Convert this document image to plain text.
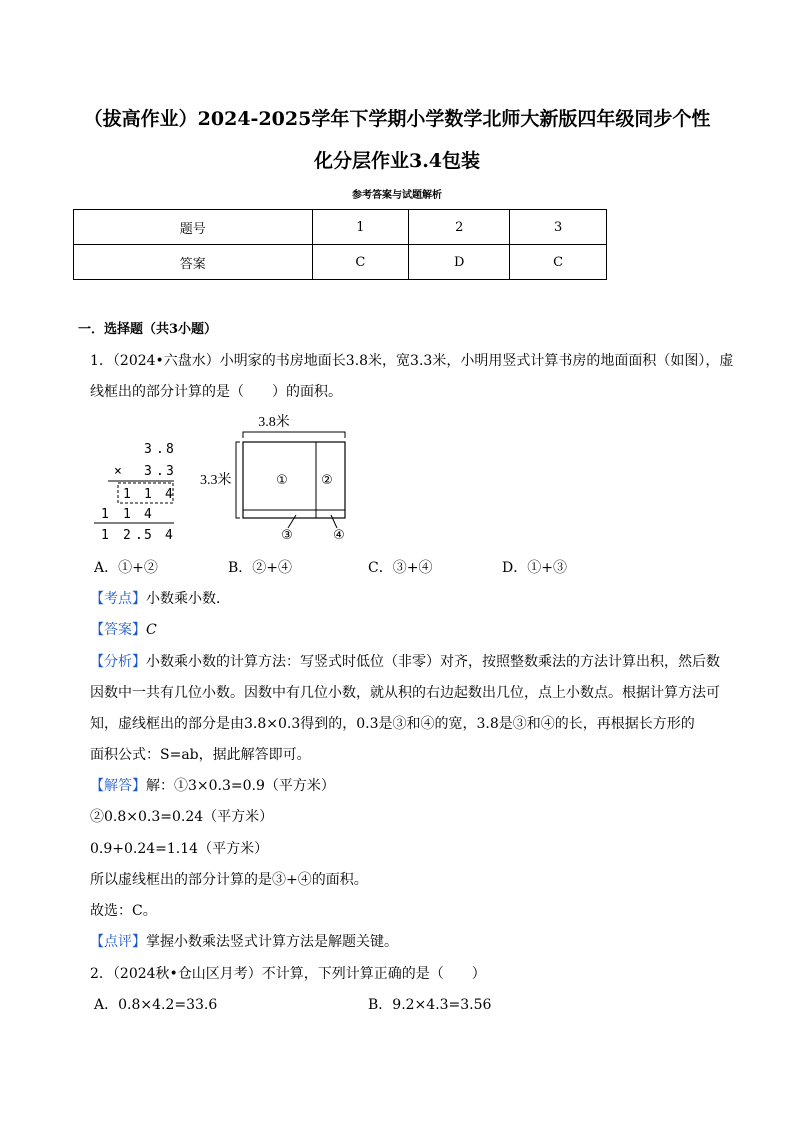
（拔高作业）2024-2025学年下学期小学数学北师大新版四年级同步个性
化分层作业3.4包装
参考答案与试题解析
题号	1	2	3
答案	C	D	C
一．选择题（共3小题）
1．（2024•六盘水）小明家的书房地面长3.8米，宽3.3米，小明用竖式计算书房的地面面积（如图），虚
线框出的部分计算的是（　　）的面积。
3 . 8
× 3 . 3
1 1 4
1 1 4
1 2 . 5 4
3.8米
3.3米	①	②
③	④
A．①+②	B．②+④	C．③+④	D．①+③
【考点】小数乘小数．
【答案】C
【分析】小数乘小数的计算方法：写竖式时低位（非零）对齐，按照整数乘法的方法计算出积，然后数
因数中一共有几位小数。因数中有几位小数，就从积的右边起数出几位，点上小数点。根据计算方法可
知，虚线框出的部分是由3.8×0.3得到的，0.3是③和④的宽，3.8是③和④的长，再根据长方形的
面积公式：S=ab，据此解答即可。
【解答】解：①3×0.3=0.9（平方米）
②0.8×0.3=0.24（平方米）
0.9+0.24=1.14（平方米）
所以虚线框出的部分计算的是③+④的面积。
故选：C。
【点评】掌握小数乘法竖式计算方法是解题关键。
2．（2024秋•仓山区月考）不计算，下列计算正确的是（　　）
A．0.8×4.2=33.6	B．9.2×4.3=3.56
